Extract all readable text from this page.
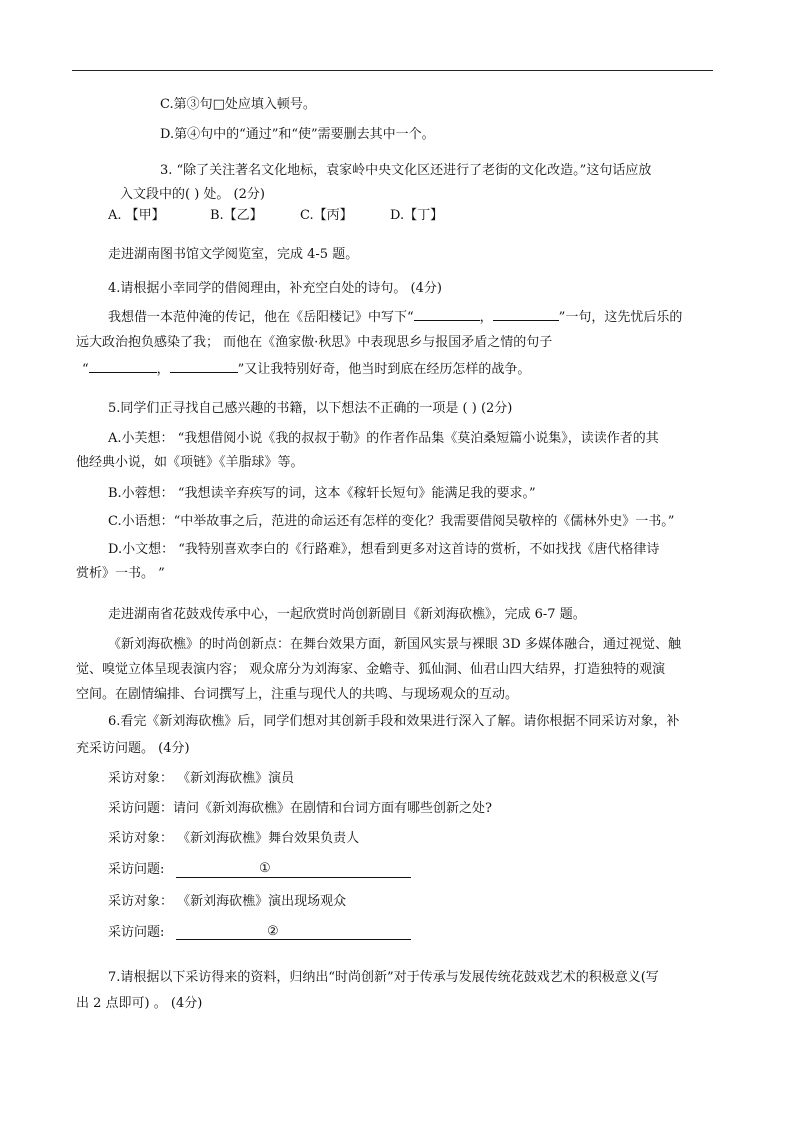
C.第③句□处应填入顿号。
D.第④句中的“通过”和“使”需要删去其中一个。
3. “除了关注著名文化地标，袁家岭中央文化区还进行了老街的文化改造。”这句话应放
入文段中的( ) 处。 (2分)
A. 【甲】	B.【乙】	C.【丙】	D.【丁】
走进湖南图书馆文学阅览室，完成 4-5 题。
4.请根据小幸同学的借阅理由，补充空白处的诗句。 (4分)
我想借一本范仲淹的传记，他在《岳阳楼记》中写下“	，	”一句，这先忧后乐的
远大政治抱负感染了我； 而他在《渔家傲·秋思》中表现思乡与报国矛盾之情的句子
“	，	”又让我特别好奇，他当时到底在经历怎样的战争。
5.同学们正寻找自己感兴趣的书籍，以下想法不正确的一项是 ( ) (2分)
A.小芙想： “我想借阅小说《我的叔叔于勒》的作者作品集《莫泊桑短篇小说集》，读读作者的其
他经典小说，如《项链》《羊脂球》等。
B.小蓉想： “我想读辛弃疾写的词，这本《稼轩长短句》能满足我的要求。”
C.小语想：“中举故事之后，范进的命运还有怎样的变化？我需要借阅吴敬梓的《儒林外史》一书。”
D.小文想： “我特别喜欢李白的《行路难》，想看到更多对这首诗的赏析，不如找找《唐代格律诗
赏析》一书。 ”
走进湖南省花鼓戏传承中心，一起欣赏时尚创新剧目《新刘海砍樵》，完成 6-7 题。
《新刘海砍樵》的时尚创新点：在舞台效果方面，新国风实景与裸眼 3D 多媒体融合，通过视觉、触
觉、嗅觉立体呈现表演内容； 观众席分为刘海家、金蟾寺、狐仙洞、仙君山四大结界，打造独特的观演
空间。在剧情编排、台词撰写上，注重与现代人的共鸣、与现场观众的互动。
6.看完《新刘海砍樵》后，同学们想对其创新手段和效果进行深入了解。请你根据不同采访对象，补
充采访问题。 (4分)
采访对象： 《新刘海砍樵》演员
采访问题：请问《新刘海砍樵》在剧情和台词方面有哪些创新之处?
采访对象： 《新刘海砍樵》舞台效果负责人
采访问题:	①
采访对象： 《新刘海砍樵》演出现场观众
采访问题:	②
7.请根据以下采访得来的资料，归纳出“时尚创新”对于传承与发展传统花鼓戏艺术的积极意义(写
出 2 点即可) 。 (4分)
